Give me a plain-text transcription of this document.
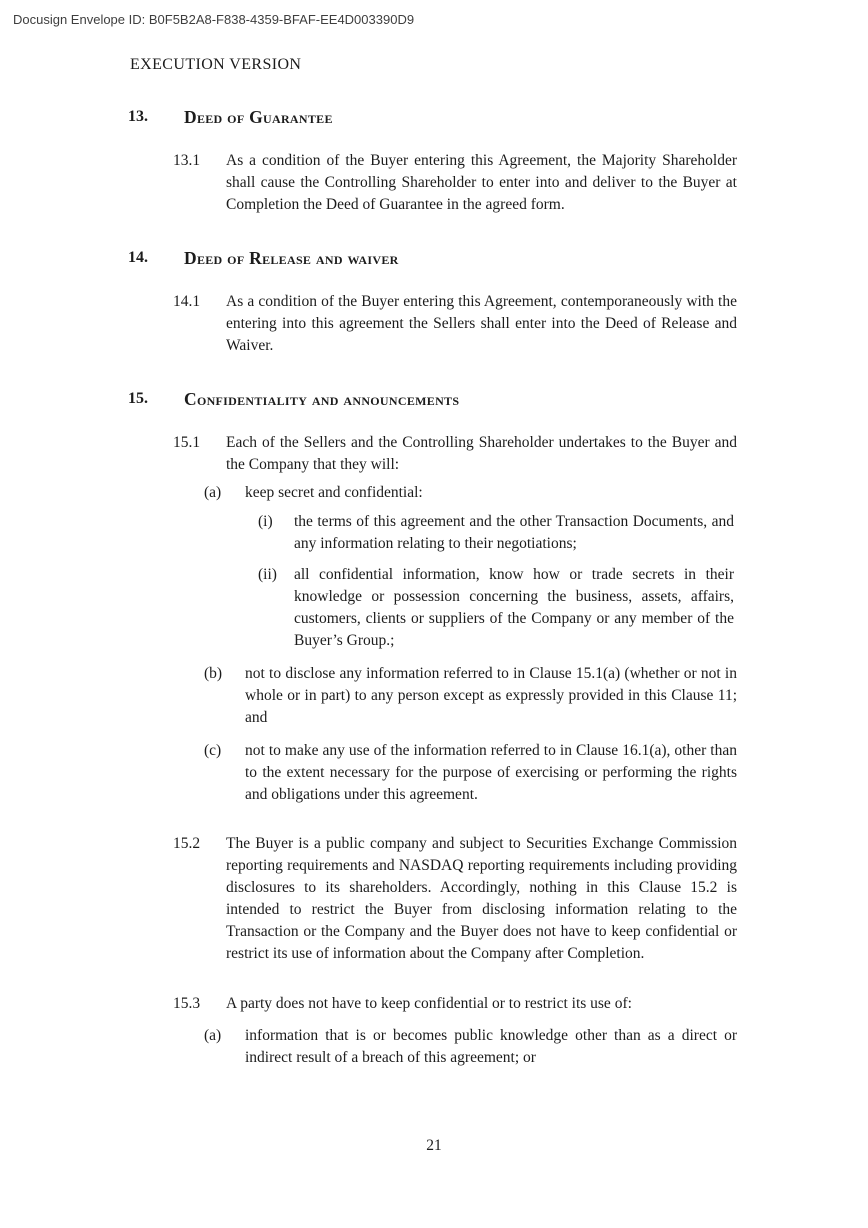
Docusign Envelope ID: B0F5B2A8-F838-4359-BFAF-EE4D003390D9
EXECUTION VERSION
13.	Deed of Guarantee
13.1	As a condition of the Buyer entering this Agreement, the Majority Shareholder shall cause the Controlling Shareholder to enter into and deliver to the Buyer at Completion the Deed of Guarantee in the agreed form.
14.	Deed of Release and waiver
14.1	As a condition of the Buyer entering this Agreement, contemporaneously with the entering into this agreement the Sellers shall enter into the Deed of Release and Waiver.
15.	Confidentiality and announcements
15.1	Each of the Sellers and the Controlling Shareholder undertakes to the Buyer and the Company that they will:
(a)	keep secret and confidential:
(i)	the terms of this agreement and the other Transaction Documents, and any information relating to their negotiations;
(ii)	all confidential information, know how or trade secrets in their knowledge or possession concerning the business, assets, affairs, customers, clients or suppliers of the Company or any member of the Buyer’s Group.;
(b)	not to disclose any information referred to in Clause 15.1(a) (whether or not in whole or in part) to any person except as expressly provided in this Clause 11; and
(c)	not to make any use of the information referred to in Clause 16.1(a), other than to the extent necessary for the purpose of exercising or performing the rights and obligations under this agreement.
15.2	The Buyer is a public company and subject to Securities Exchange Commission reporting requirements and NASDAQ reporting requirements including providing disclosures to its shareholders. Accordingly, nothing in this Clause 15.2 is intended to restrict the Buyer from disclosing information relating to the Transaction or the Company and the Buyer does not have to keep confidential or restrict its use of information about the Company after Completion.
15.3	A party does not have to keep confidential or to restrict its use of:
(a)	information that is or becomes public knowledge other than as a direct or indirect result of a breach of this agreement; or
21
